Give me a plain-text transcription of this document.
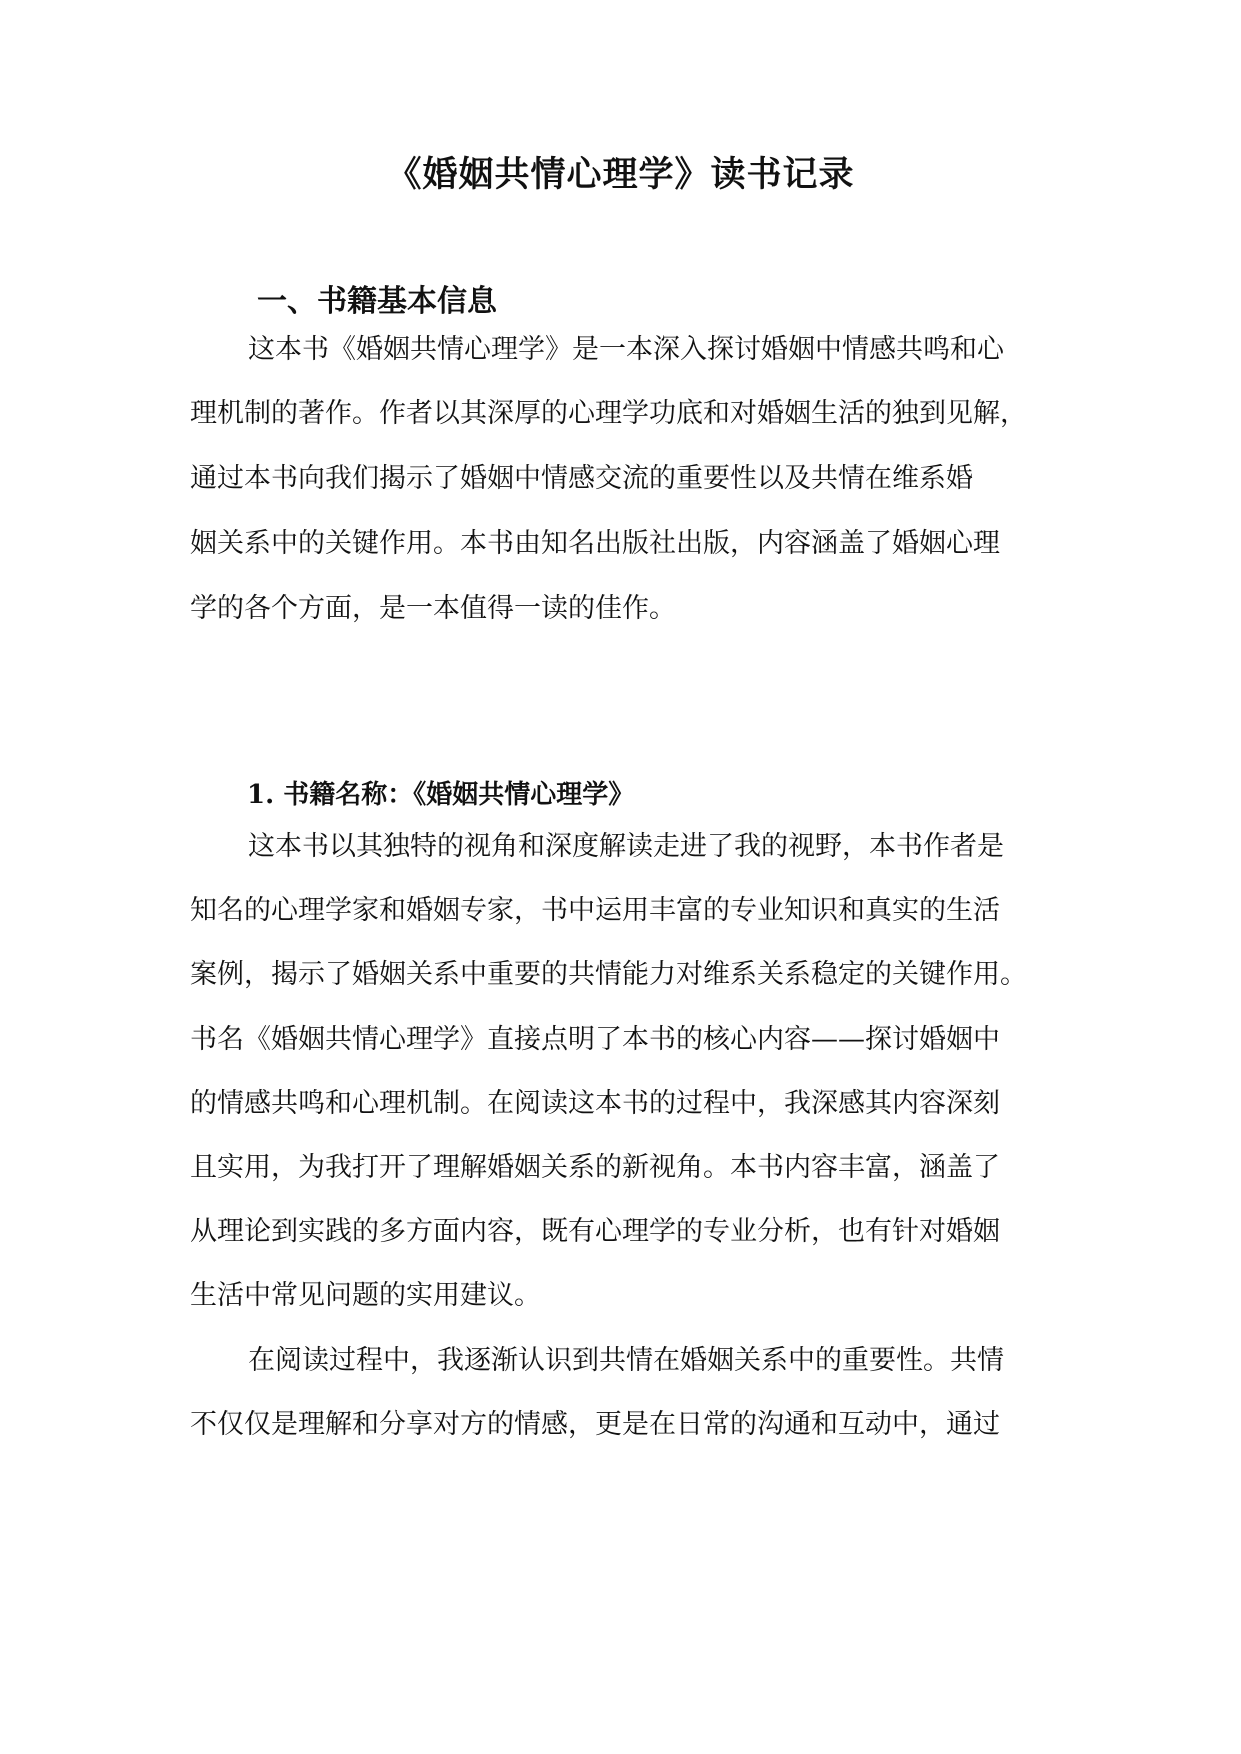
《婚姻共情心理学》读书记录
一、书籍基本信息

这本书《婚姻共情心理学》是一本深入探讨婚姻中情感共鸣和心

理机制的著作。作者以其深厚的心理学功底和对婚姻生活的独到见解，

通过本书向我们揭示了婚姻中情感交流的重要性以及共情在维系婚

姻关系中的关键作用。本书由知名出版社出版，内容涵盖了婚姻心理

学的各个方面，是一本值得一读的佳作。

1. 书籍名称：《婚姻共情心理学》

这本书以其独特的视角和深度解读走进了我的视野，本书作者是

知名的心理学家和婚姻专家，书中运用丰富的专业知识和真实的生活

案例，揭示了婚姻关系中重要的共情能力对维系关系稳定的关键作用。

书名《婚姻共情心理学》直接点明了本书的核心内容——探讨婚姻中

的情感共鸣和心理机制。在阅读这本书的过程中，我深感其内容深刻

且实用，为我打开了理解婚姻关系的新视角。本书内容丰富，涵盖了

从理论到实践的多方面内容，既有心理学的专业分析，也有针对婚姻

生活中常见问题的实用建议。

在阅读过程中，我逐渐认识到共情在婚姻关系中的重要性。共情

不仅仅是理解和分享对方的情感，更是在日常的沟通和互动中，通过
